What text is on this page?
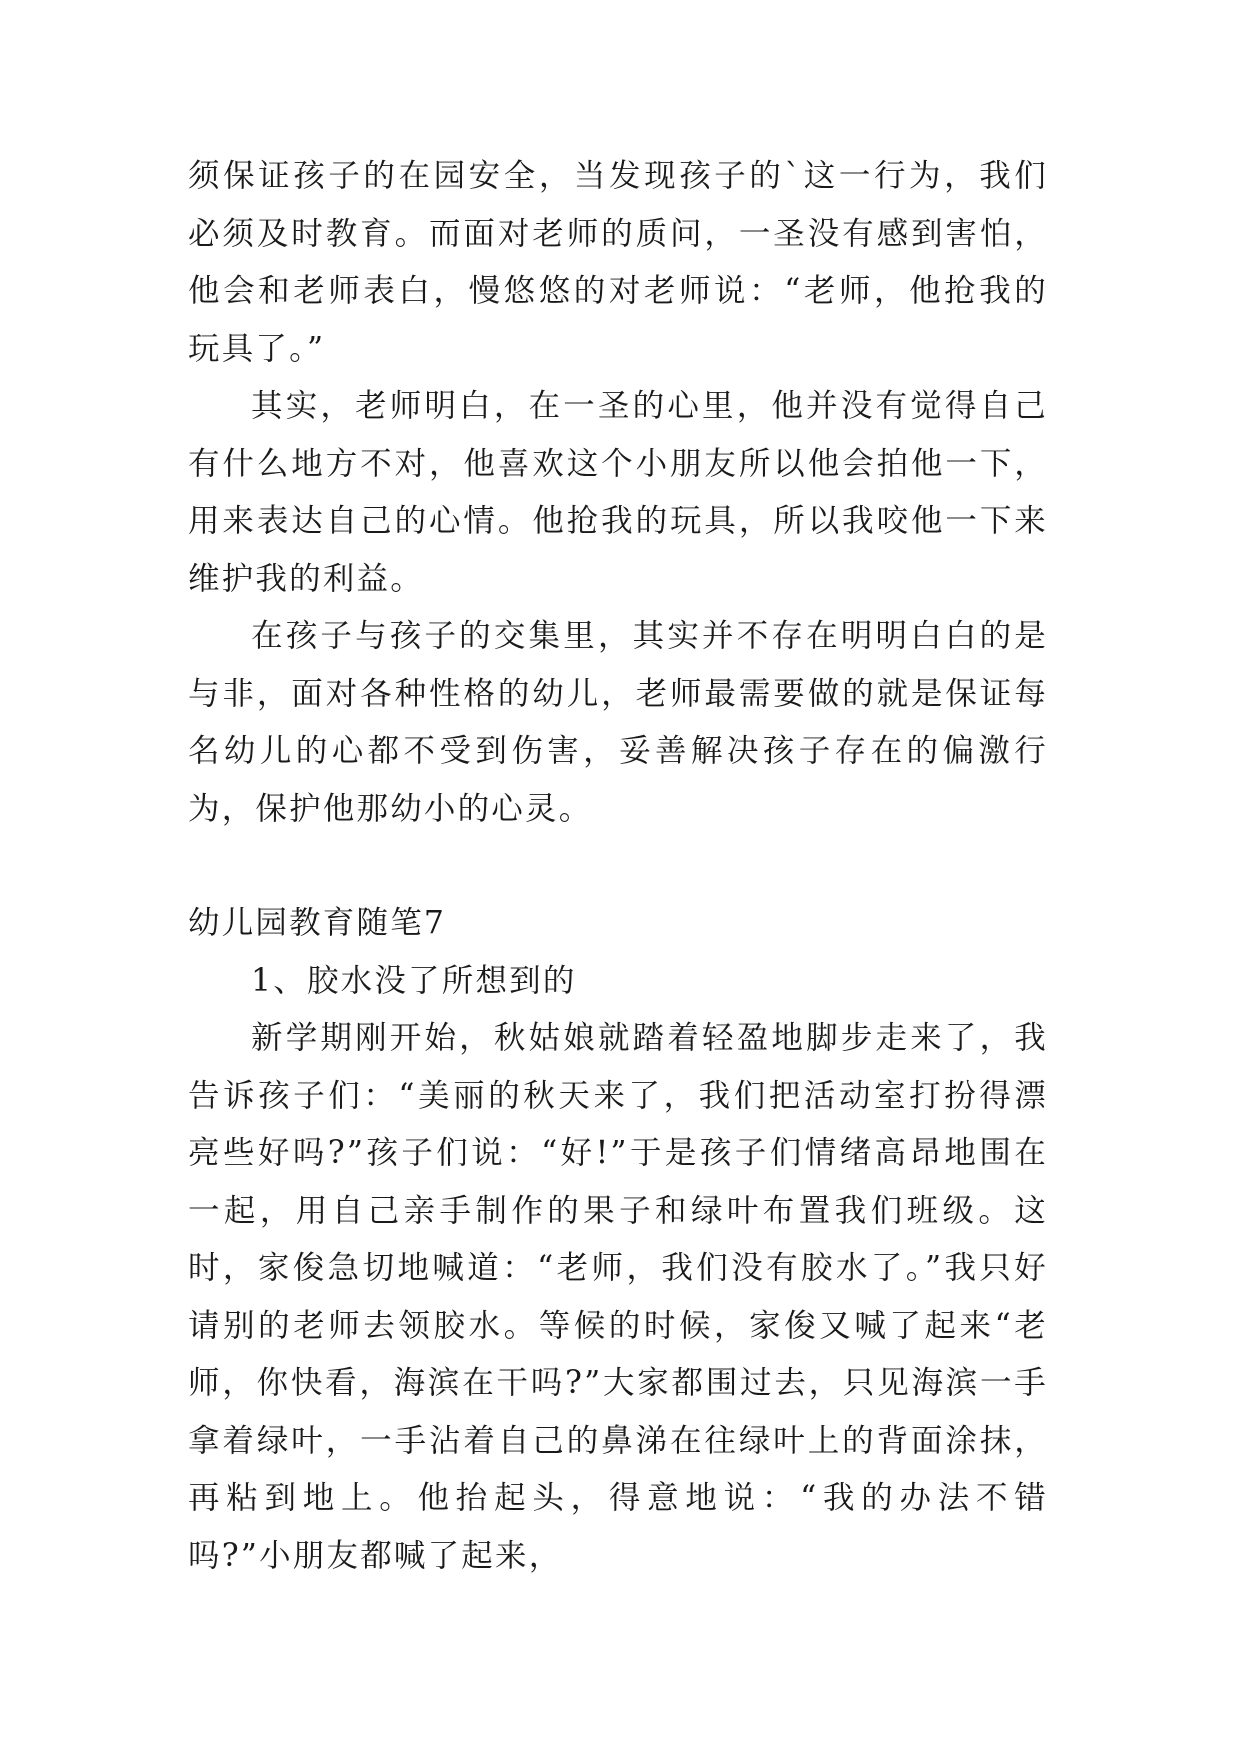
须保证孩子的在园安全，当发现孩子的`这一行为，我们必须及时教育。而面对老师的质问，一圣没有感到害怕，他会和老师表白，慢悠悠的对老师说：“老师，他抢我的玩具了。”

其实，老师明白，在一圣的心里，他并没有觉得自己有什么地方不对，他喜欢这个小朋友所以他会拍他一下，用来表达自己的心情。他抢我的玩具，所以我咬他一下来维护我的利益。

在孩子与孩子的交集里，其实并不存在明明白白的是与非，面对各种性格的幼儿，老师最需要做的就是保证每名幼儿的心都不受到伤害，妥善解决孩子存在的偏激行为，保护他那幼小的心灵。

幼儿园教育随笔7

1、胶水没了所想到的

新学期刚开始，秋姑娘就踏着轻盈地脚步走来了，我告诉孩子们：“美丽的秋天来了，我们把活动室打扮得漂亮些好吗?”孩子们说：“好!”于是孩子们情绪高昂地围在一起，用自己亲手制作的果子和绿叶布置我们班级。这时，家俊急切地喊道：“老师，我们没有胶水了。”我只好请别的老师去领胶水。等候的时候，家俊又喊了起来“老师，你快看，海滨在干吗?”大家都围过去，只见海滨一手拿着绿叶，一手沾着自己的鼻涕在往绿叶上的背面涂抹，再粘到地上。他抬起头，得意地说：“我的办法不错吗?”小朋友都喊了起来，
